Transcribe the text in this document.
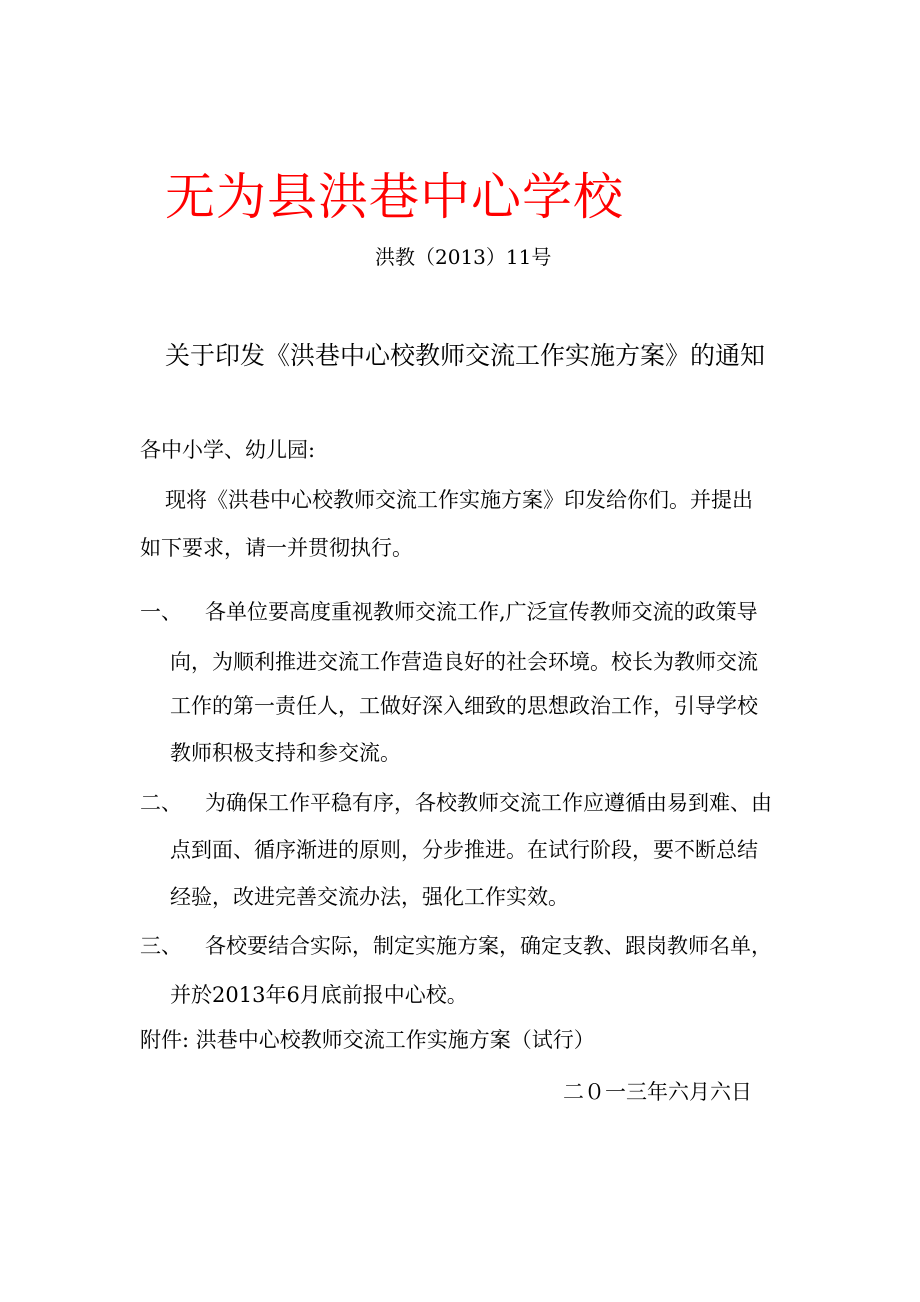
无为县洪巷中心学校
洪教（2013）11号
关于印发《洪巷中心校教师交流工作实施方案》的通知
各中小学、幼儿园:
现将《洪巷中心校教师交流工作实施方案》印发给你们。并提出
如下要求，请一并贯彻执行。
一、 各单位要高度重视教师交流工作,广泛宣传教师交流的政策导
向，为顺利推进交流工作营造良好的社会环境。校长为教师交流
工作的第一责任人，工做好深入细致的思想政治工作，引导学校
教师积极支持和参交流。
二、 为确保工作平稳有序，各校教师交流工作应遵循由易到难、由
点到面、循序渐进的原则，分步推进。在试行阶段，要不断总结
经验，改进完善交流办法，强化工作实效。
三、 各校要结合实际，制定实施方案，确定支教、跟岗教师名单，
并於2013年6月底前报中心校。
附件: 洪巷中心校教师交流工作实施方案（试行）
二０一三年六月六日
